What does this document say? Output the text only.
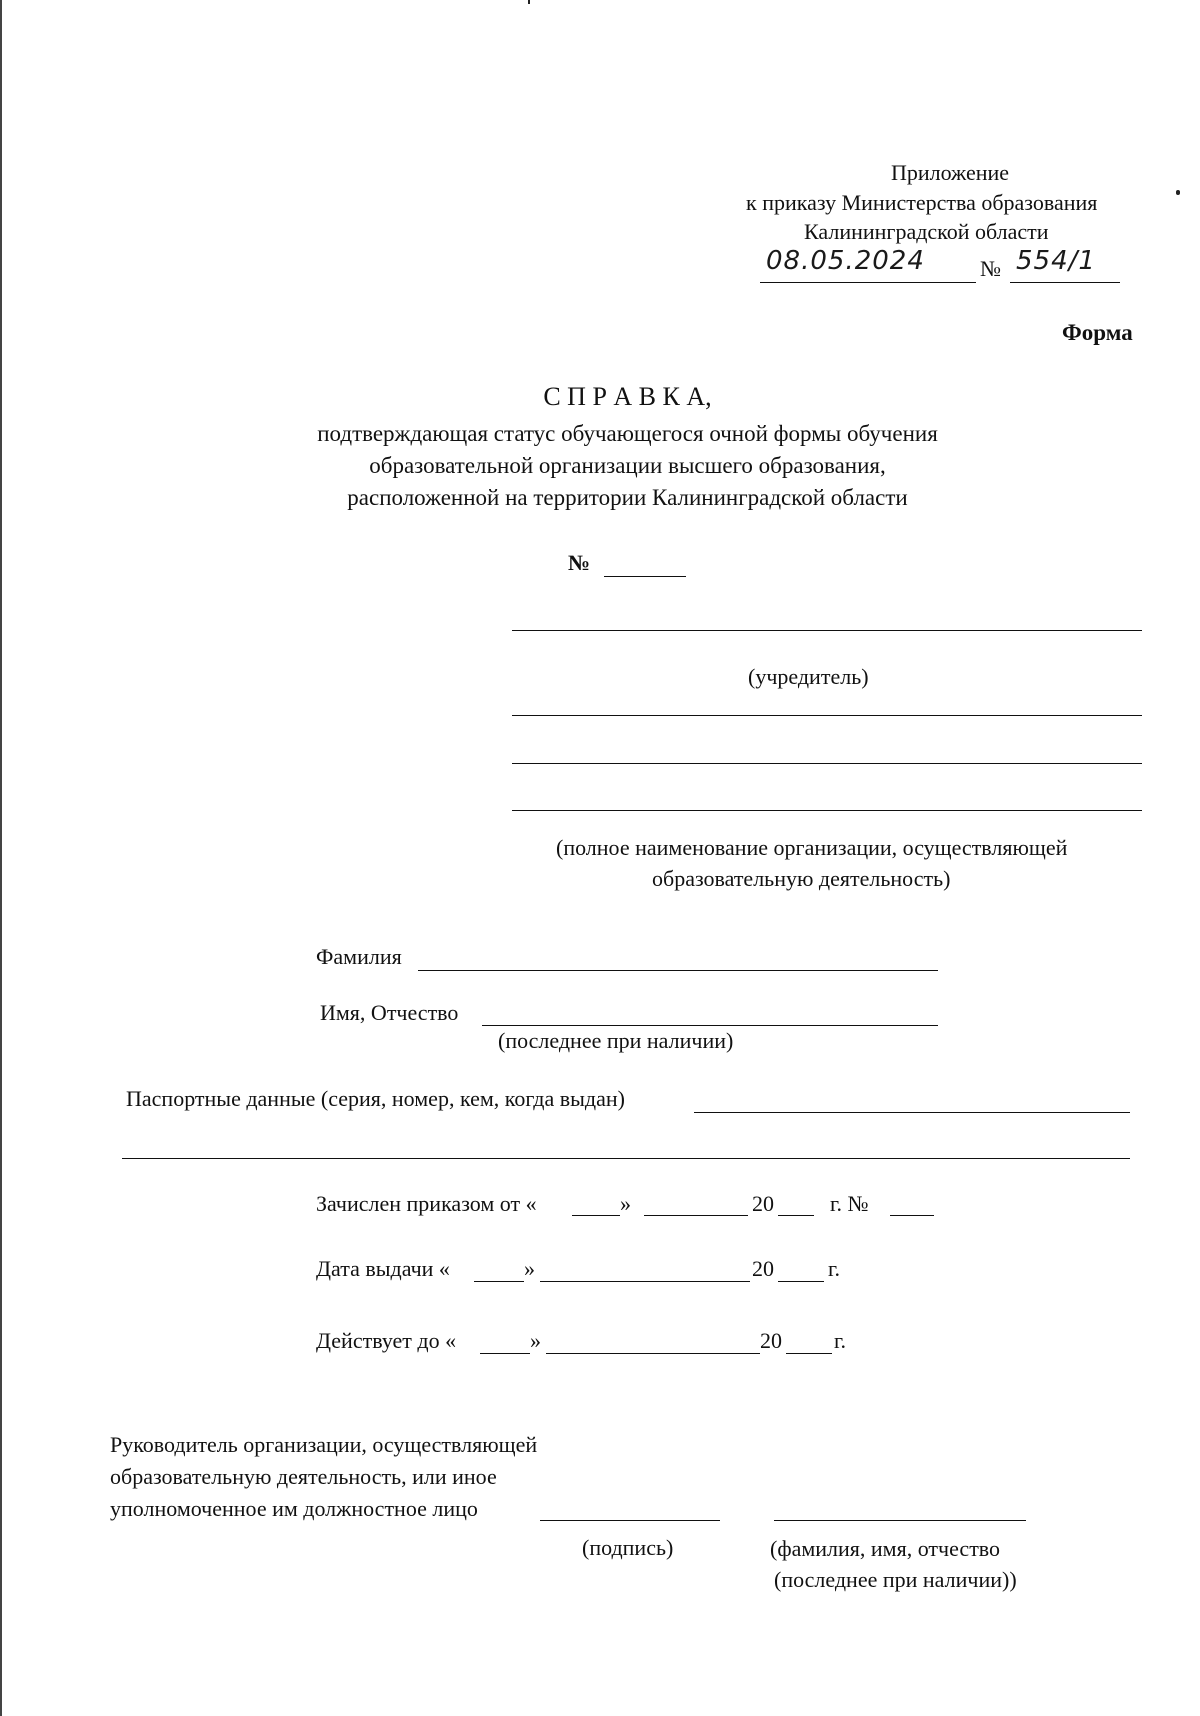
Приложение
к приказу Министерства образования
Калининградской области
08.05.2024	№ 554/1
Форма
С П Р А В К А,
подтверждающая статус обучающегося очной формы обучения
образовательной организации высшего образования,
расположенной на территории Калининградской области
№
(учредитель)
(полное наименование организации, осуществляющей
образовательную деятельность)
Фамилия
Имя, Отчество
(последнее при наличии)
Паспортные данные (серия, номер, кем, когда выдан)
Зачислен приказом от «	»	20	г. №
Дата выдачи «	»	20 г.
Действует до «	»	20 г.
Руководитель организации, осуществляющей
образовательную деятельность, или иное
уполномоченное им должностное лицо
(подпись)	(фамилия, имя, отчество
(последнее при наличии))
